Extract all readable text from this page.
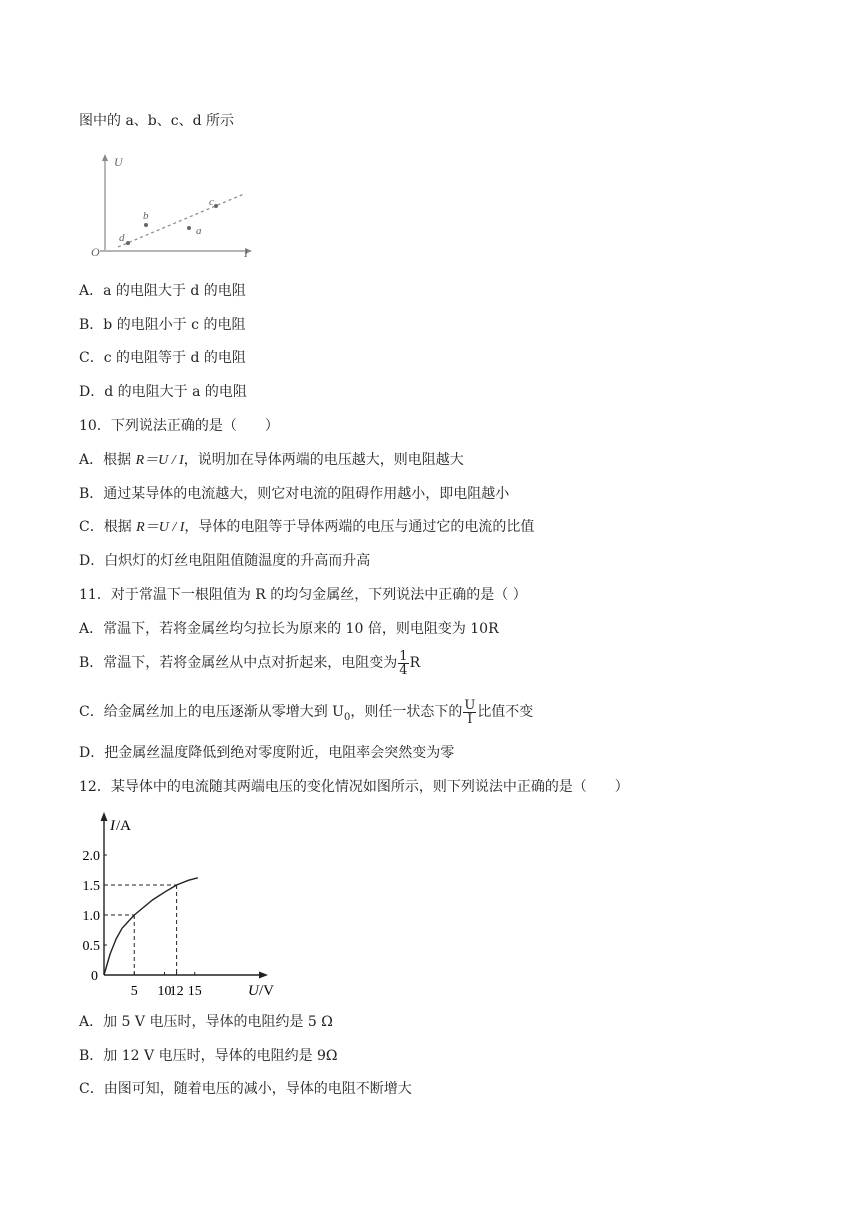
图中的 a、b、c、d 所示
U
I
O
d
b
c
a
A．a 的电阻大于 d 的电阻
B．b 的电阻小于 c 的电阻
C．c 的电阻等于 d 的电阻
D．d 的电阻大于 a 的电阻
10．下列说法正确的是（　　）
A．根据 R＝U / I，说明加在导体两端的电压越大，则电阻越大
B．通过某导体的电流越大，则它对电流的阻碍作用越小，即电阻越小
C．根据 R＝U / I，导体的电阻等于导体两端的电压与通过它的电流的比值
D．白炽灯的灯丝电阻阻值随温度的升高而升高
11．对于常温下一根阻值为 R 的均匀金属丝，下列说法中正确的是（ ）
A．常温下，若将金属丝均匀拉长为原来的 10 倍，则电阻变为 10R
B．常温下，若将金属丝从中点对折起来，电阻变为 $\frac{1}{4}$ R
C．给金属丝加上的电压逐渐从零增大到 $U_0$，则任一状态下的 $\frac{U}{I}$ 比值不变
D．把金属丝温度降低到绝对零度附近，电阻率会突然变为零
12．某导体中的电流随其两端电压的变化情况如图所示，则下列说法中正确的是（　　）
I /A
U /V
0
0.5
1.0
1.5
2.0
5 10
12 15
A．加 5 V 电压时，导体的电阻约是 5 Ω
B．加 12 V 电压时，导体的电阻约是 9Ω
C．由图可知，随着电压的减小，导体的电阻不断增大
